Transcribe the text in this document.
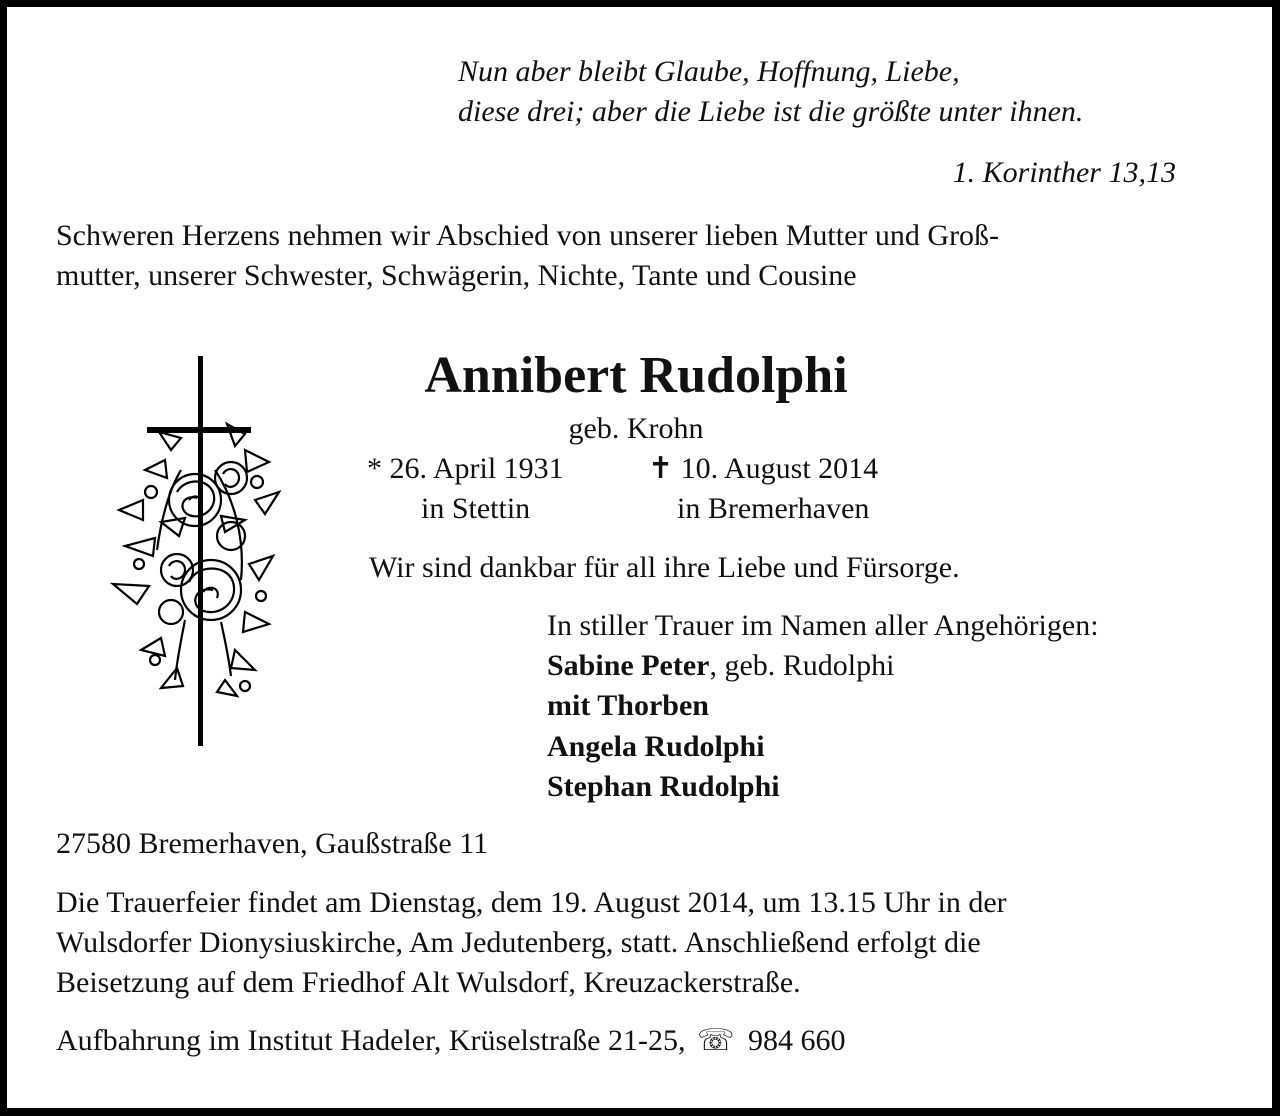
Nun aber bleibt Glaube, Hoffnung, Liebe,
diese drei; aber die Liebe ist die größte unter ihnen.
1. Korinther 13,13
Schweren Herzens nehmen wir Abschied von unserer lieben Mutter und Groß-
mutter, unserer Schwester, Schwägerin, Nichte, Tante und Cousine
Annibert Rudolphi
geb. Krohn
* 26. April 1931	✝ 10. August 2014
in Stettin	in Bremerhaven
Wir sind dankbar für all ihre Liebe und Fürsorge.
In stiller Trauer im Namen aller Angehörigen:
Sabine Peter, geb. Rudolphi
mit Thorben
Angela Rudolphi
Stephan Rudolphi
27580 Bremerhaven, Gaußstraße 11
Die Trauerfeier findet am Dienstag, dem 19. August 2014, um 13.15 Uhr in der
Wulsdorfer Dionysiuskirche, Am Jedutenberg, statt. Anschließend erfolgt die
Beisetzung auf dem Friedhof Alt Wulsdorf, Kreuzackerstraße.
Aufbahrung im Institut Hadeler, Krüselstraße 21-25, ☏ 984 660
